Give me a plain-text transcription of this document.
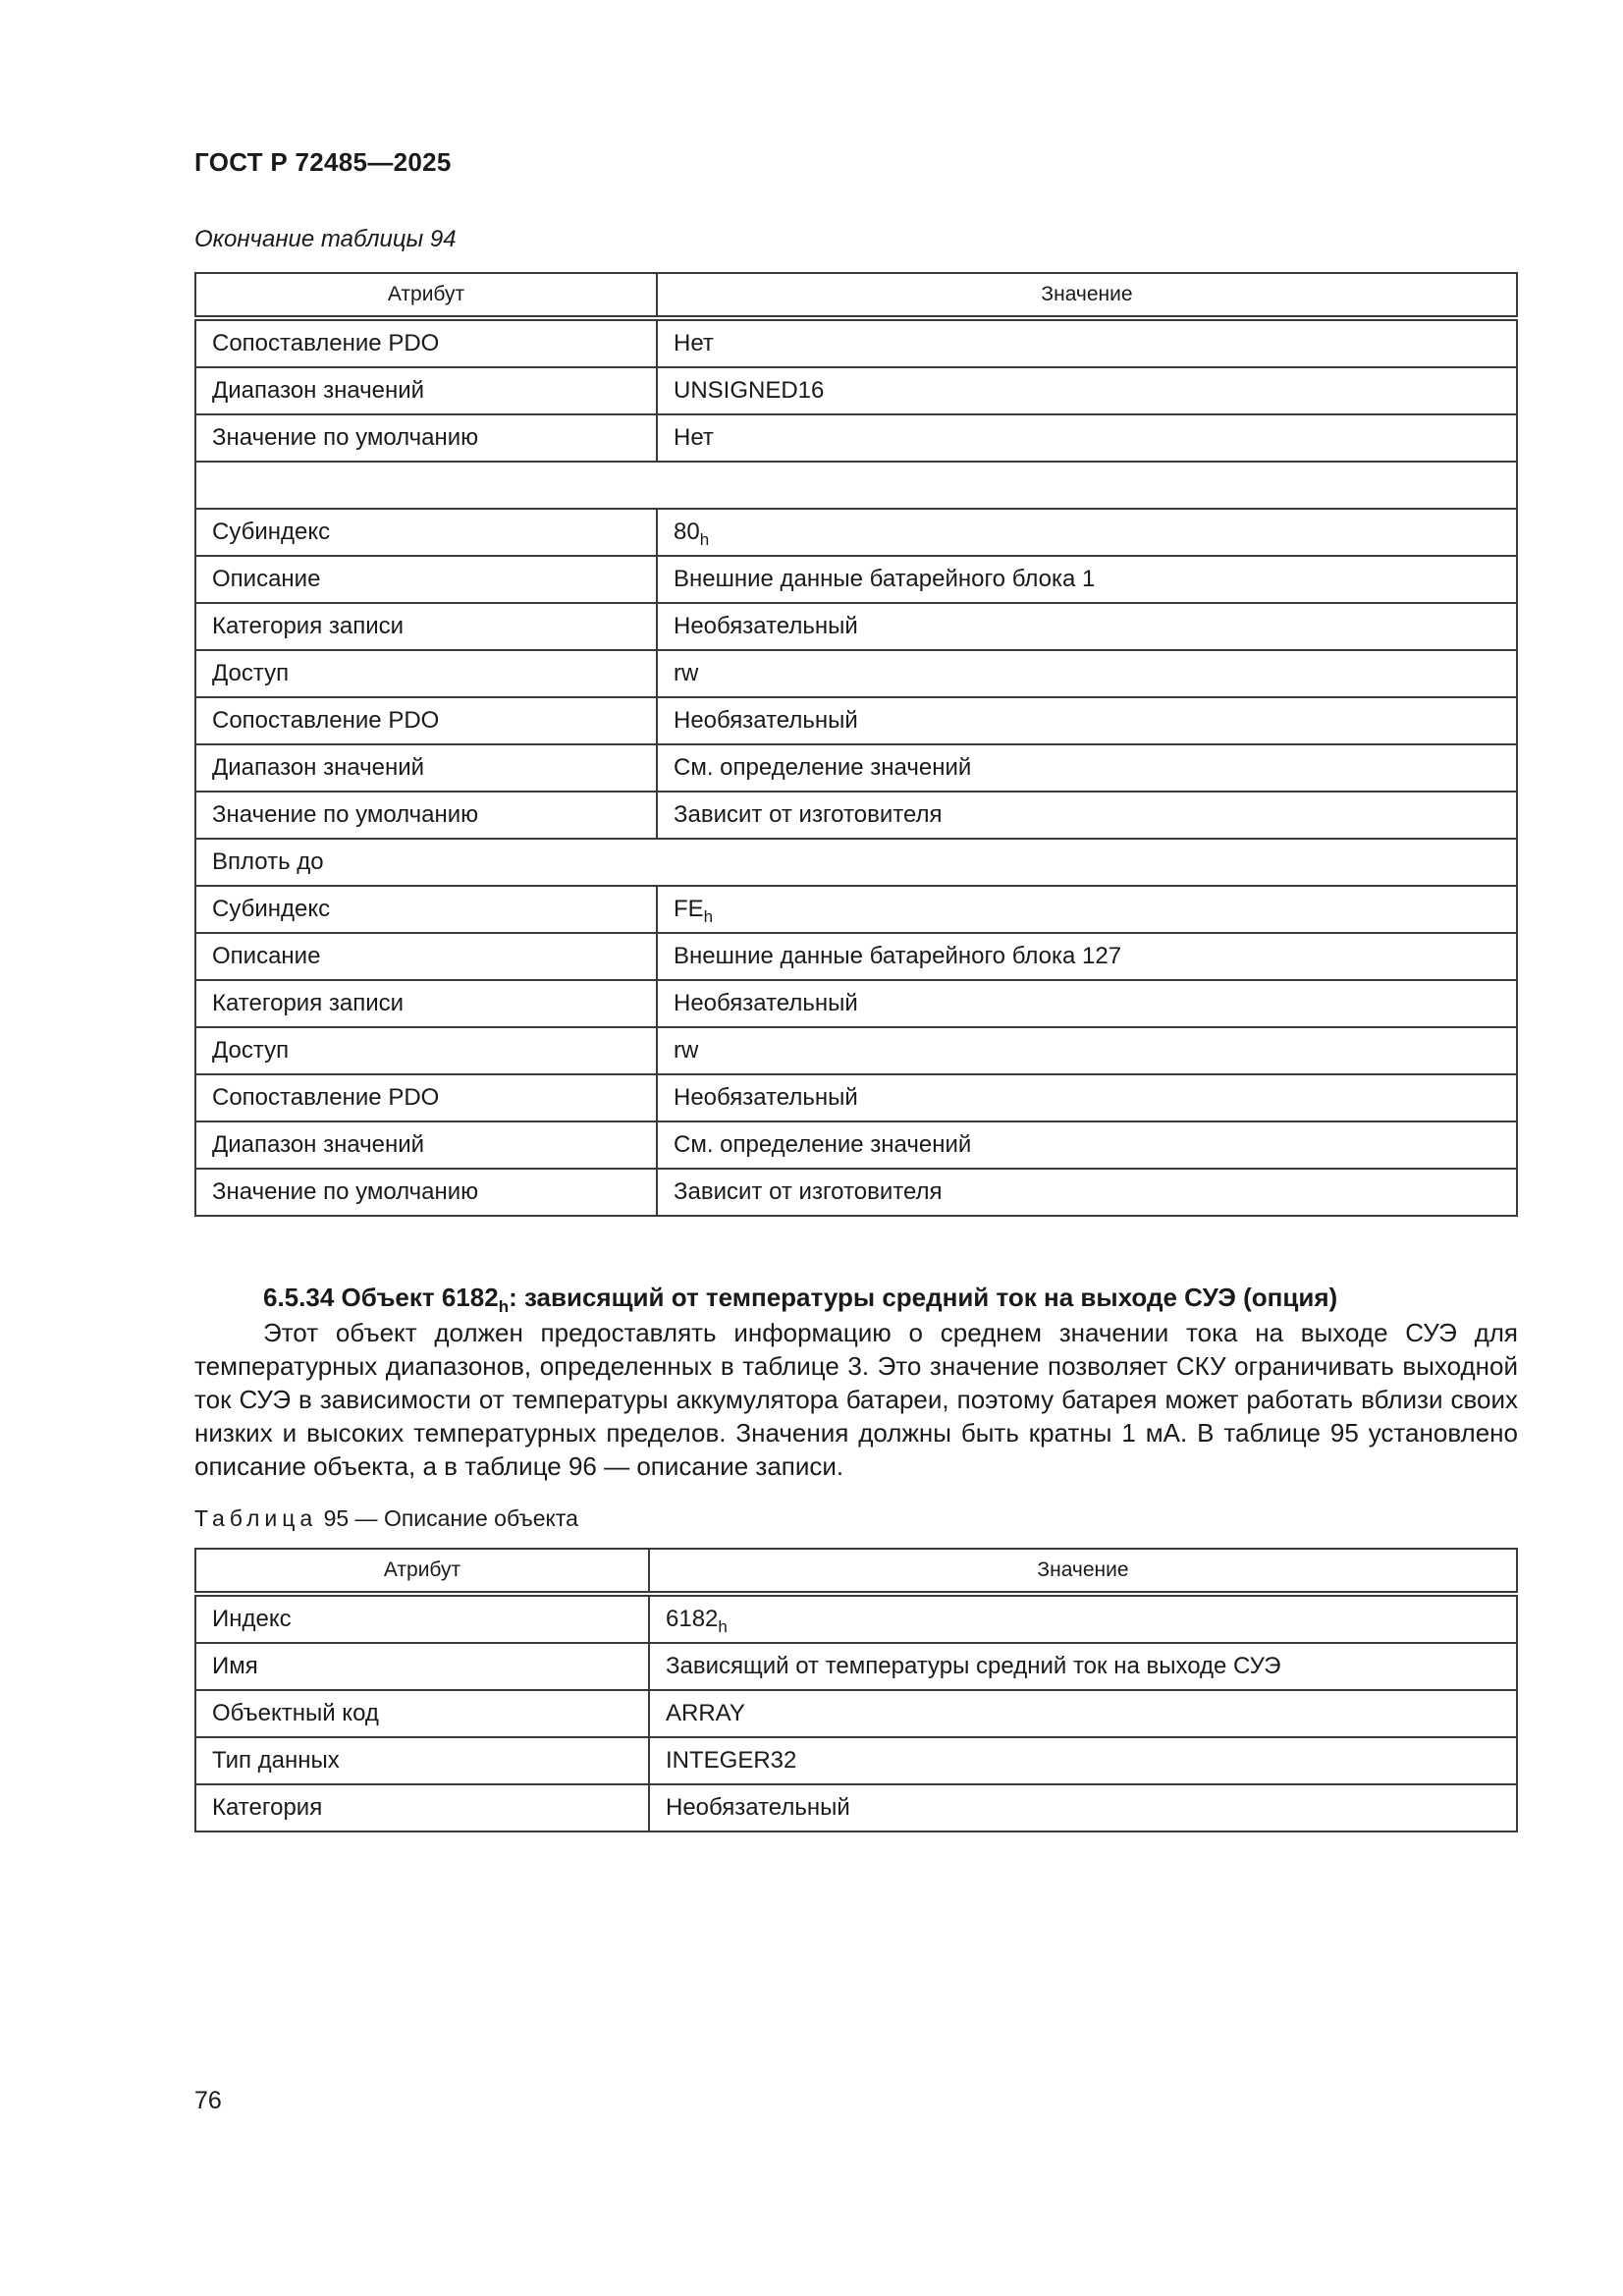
ГОСТ Р 72485—2025
Окончание таблицы 94
Атрибут	Значение
Сопоставление PDO	Нет
Диапазон значений	UNSIGNED16
Значение по умолчанию	Нет

Субиндекс	$80_h$
Описание	Внешние данные батарейного блока 1
Категория записи	Необязательный
Доступ	rw
Сопоставление PDO	Необязательный
Диапазон значений	См. определение значений
Значение по умолчанию	Зависит от изготовителя
Вплоть до	
Субиндекс	$FE_h$
Описание	Внешние данные батарейного блока 127
Категория записи	Необязательный
Доступ	rw
Сопоставление PDO	Необязательный
Диапазон значений	См. определение значений
Значение по умолчанию	Зависит от изготовителя
6.5.34 Объект $6182_h$: зависящий от температуры средний ток на выходе СУЭ (опция)

Этот объект должен предоставлять информацию о среднем значении тока на выходе СУЭ для температурных диапазонов, определенных в таблице 3. Это значение позволяет СКУ ограничивать выходной ток СУЭ в зависимости от температуры аккумулятора батареи, поэтому батарея может работать вблизи своих низких и высоких температурных пределов. Значения должны быть кратны 1 мА. В таблице 95 установлено описание объекта, а в таблице 96 — описание записи.

Таблица 95 — Описание объекта
Атрибут	Значение
Индекс	$6182_h$
Имя	Зависящий от температуры средний ток на выходе СУЭ
Объектный код	ARRAY
Тип данных	INTEGER32
Категория	Необязательный
76
